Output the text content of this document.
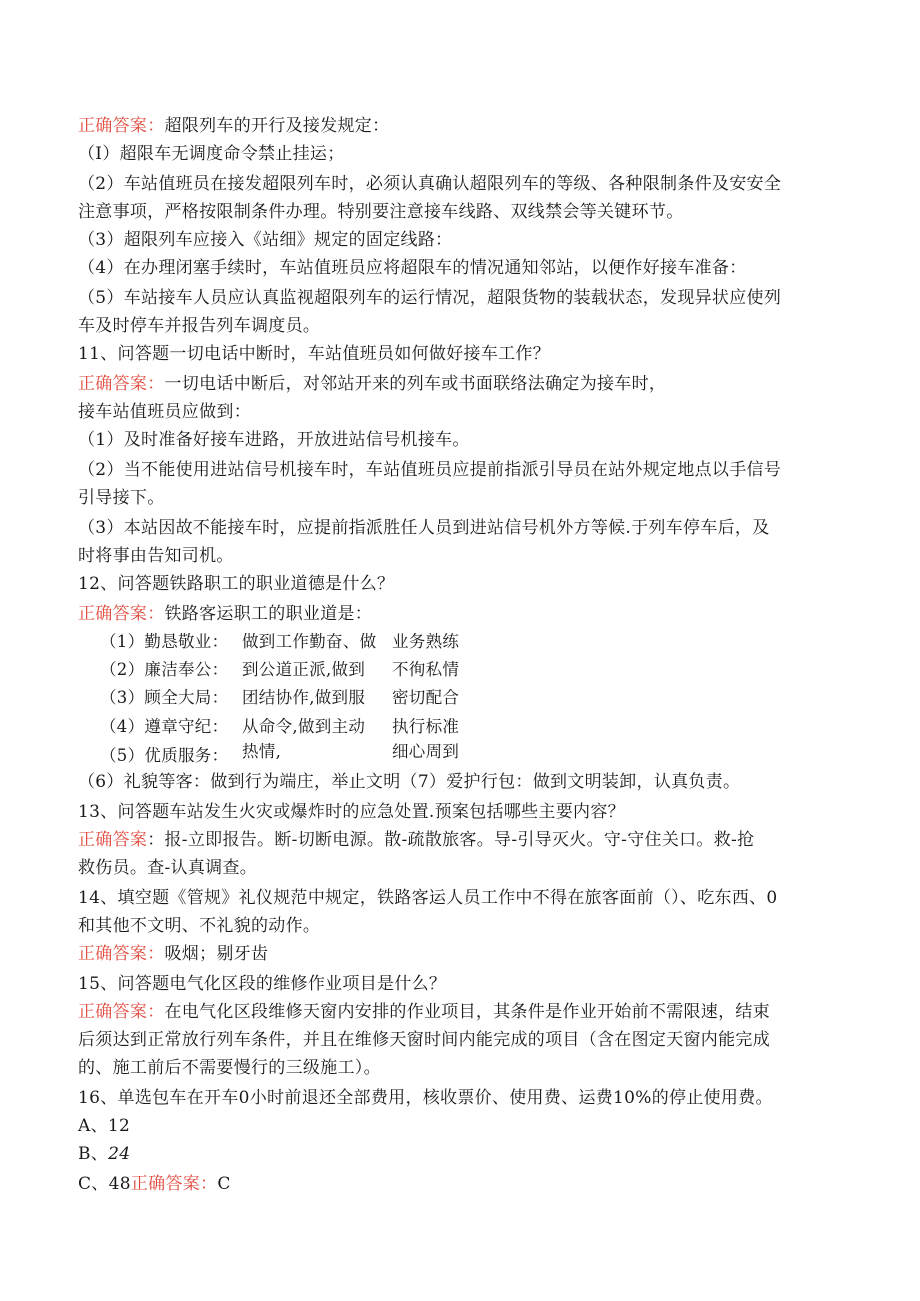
正确答案：超限列车的开行及接发规定：
（I）超限车无调度命令禁止挂运；
（2）车站值班员在接发超限列车时，必须认真确认超限列车的等级、各种限制条件及安安全
注意事项，严格按限制条件办理。特别要注意接车线路、双线禁会等关键环节。
（3）超限列车应接入《站细》规定的固定线路：
（4）在办理闭塞手续时，车站值班员应将超限车的情况通知邻站，以便作好接车准备：
（5）车站接车人员应认真监视超限列车的运行情况，超限货物的装载状态，发现异状应使列
车及时停车并报告列车调度员。
11、问答题一切电话中断时，车站值班员如何做好接车工作？
正确答案：一切电话中断后，对邻站开来的列车或书面联络法确定为接车时，
接车站值班员应做到：
（1）及时准备好接车进路，开放进站信号机接车。
（2）当不能使用进站信号机接车时，车站值班员应提前指派引导员在站外规定地点以手信号
引导接下。
（3）本站因故不能接车时，应提前指派胜任人员到进站信号机外方等候.于列车停车后，及
时将事由告知司机。
12、问答题铁路职工的职业道德是什么？
正确答案：铁路客运职工的职业道是：
（1）勤恳敬业：
（2）廉洁奉公：
（3）顾全大局：
（4）遵章守纪：
（5）优质服务：
做到工作勤奋、做
到公道正派,做到
团结协作,做到服
从命令,做到主动
热情,
业务熟练
不徇私情
密切配合
执行标准
细心周到
（6）礼貌等客：做到行为端庄，举止文明（7）爱护行包：做到文明装卸，认真负责。
13、问答题车站发生火灾或爆炸时的应急处置.预案包括哪些主要内容？
正确答案：报-立即报告。断-切断电源。散-疏散旅客。导-引导灭火。守-守住关口。救-抢
救伤员。查-认真调查。
14、填空题《管规》礼仪规范中规定，铁路客运人员工作中不得在旅客面前（）、吃东西、0
和其他不文明、不礼貌的动作。
正确答案：吸烟；剔牙齿
15、问答题电气化区段的维修作业项目是什么？
正确答案：在电气化区段维修天窗内安排的作业项目，其条件是作业开始前不需限速，结束
后须达到正常放行列车条件，并且在维修天窗时间内能完成的项目（含在图定天窗内能完成
的、施工前后不需要慢行的三级施工）。
16、单选包车在开车0小时前退还全部费用，核收票价、使用费、运费10%的停止使用费。
A、12
B、24
C、48正确答案：C
